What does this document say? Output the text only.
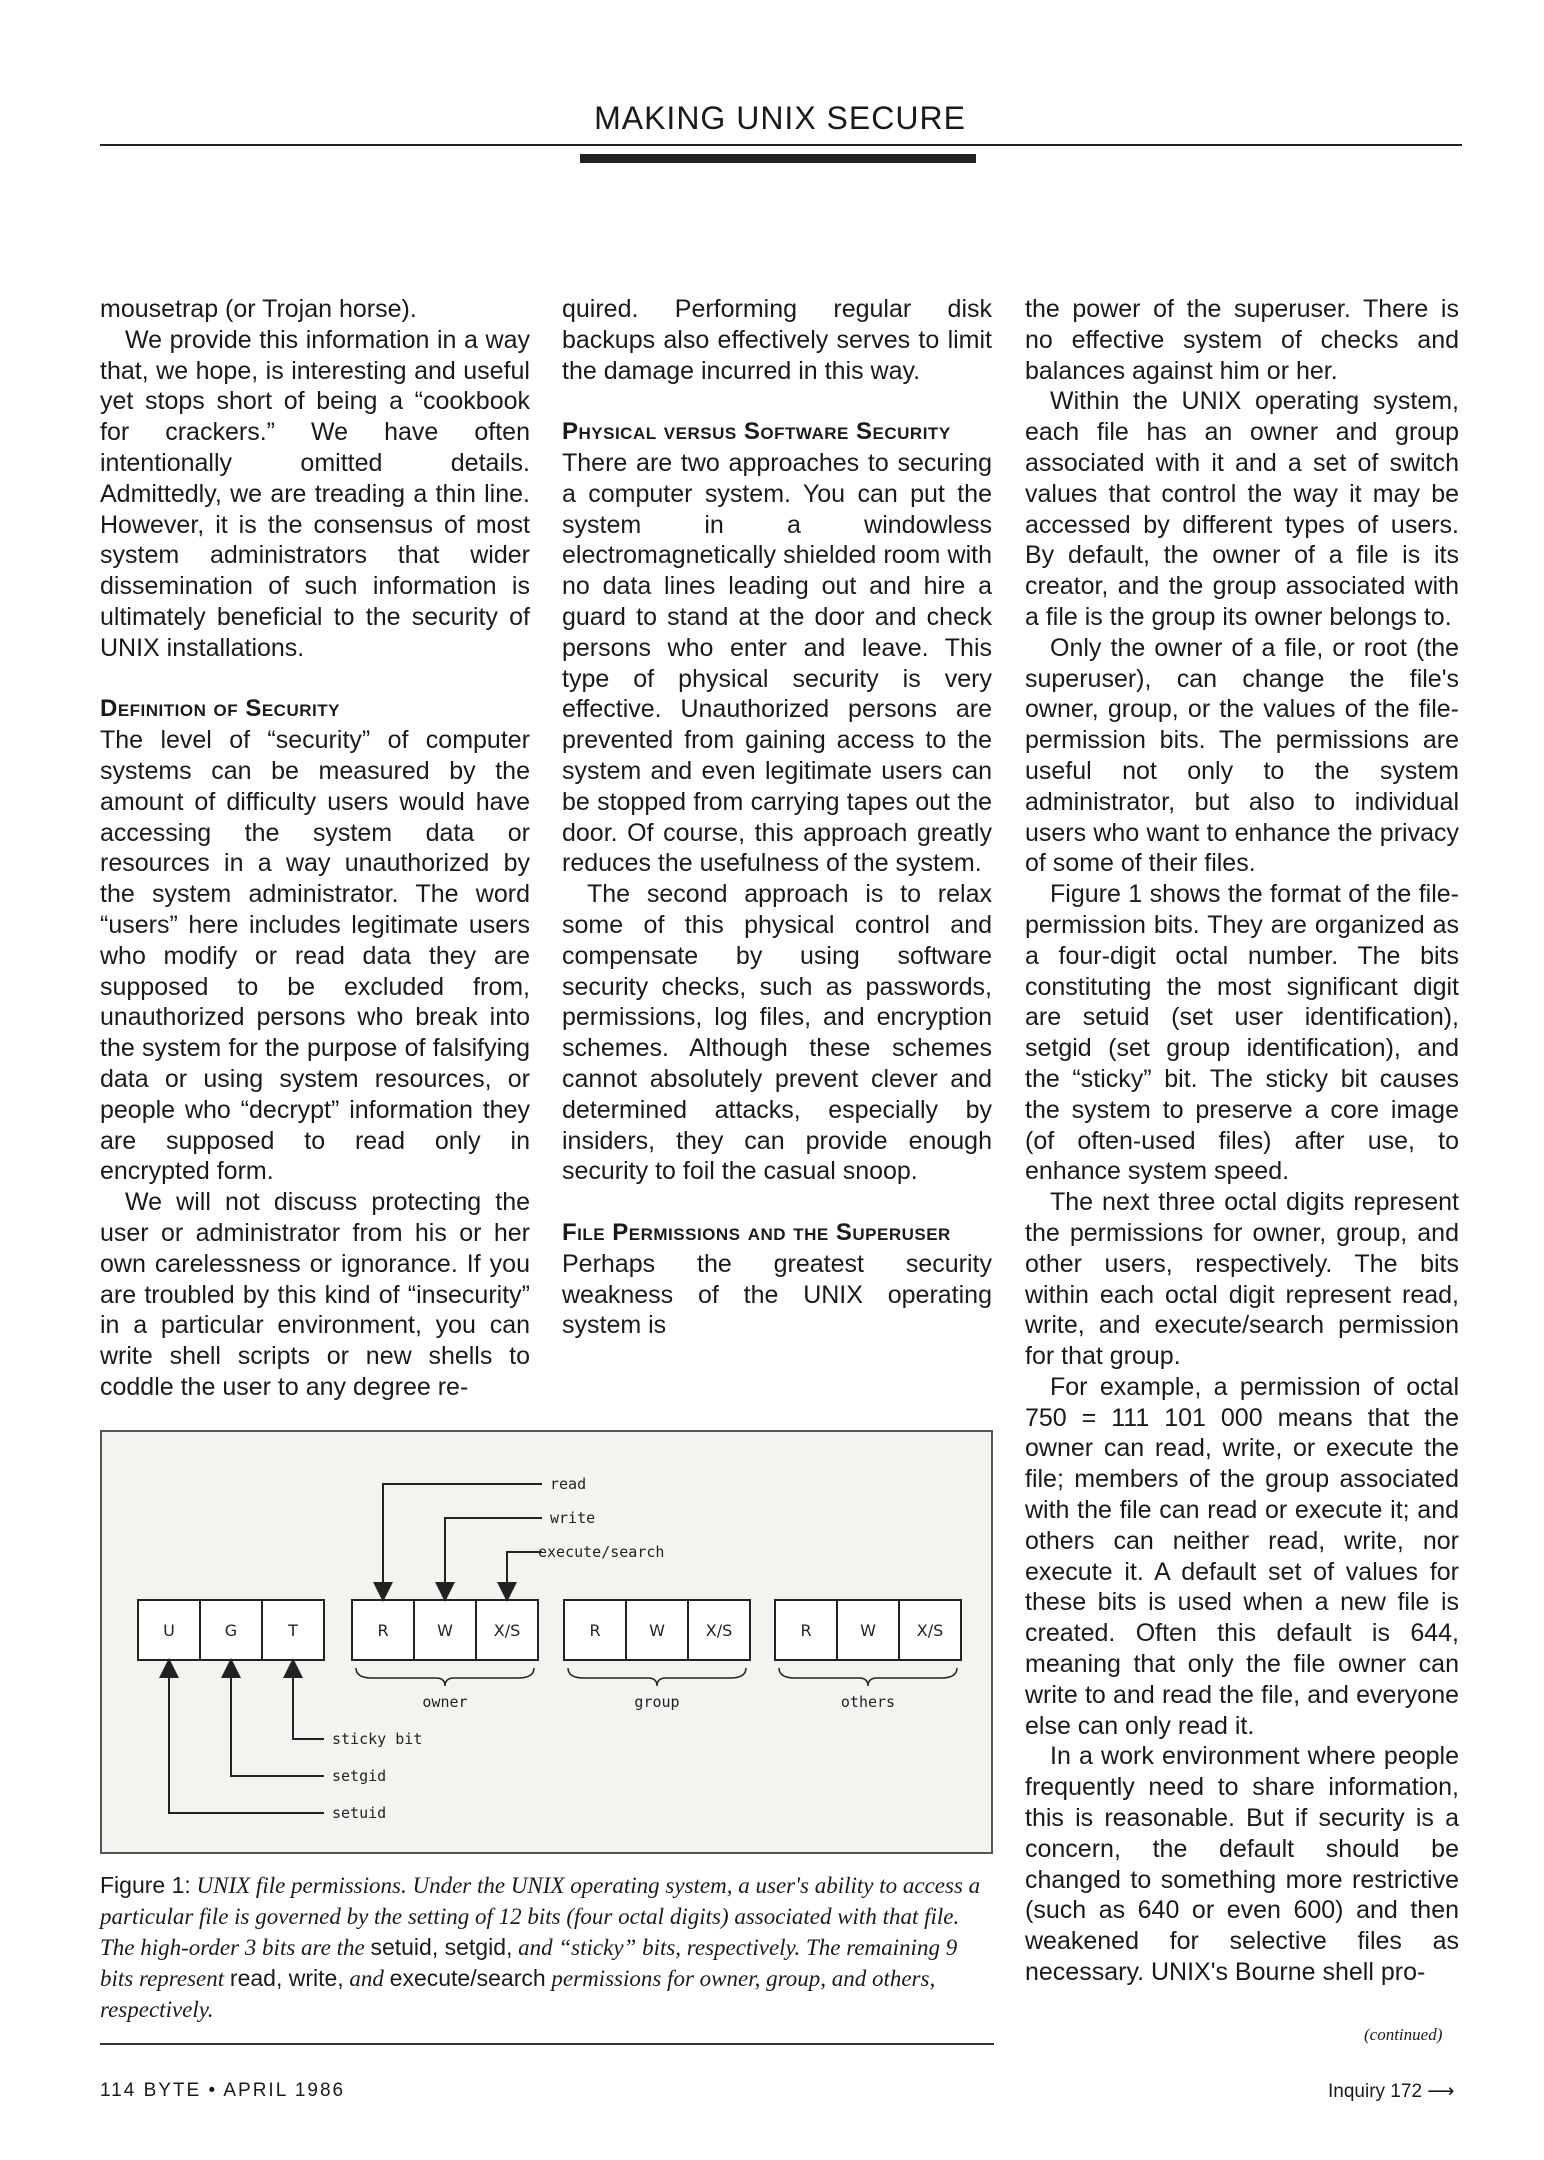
MAKING UNIX SECURE

mousetrap (or Trojan horse).

We provide this information in a way that, we hope, is interesting and useful yet stops short of being a “cookbook for crackers.” We have often intentionally omitted details. Admittedly, we are treading a thin line. However, it is the consensus of most system administrators that wider dissemination of such information is ultimately beneficial to the security of UNIX installations.

Definition of Security

The level of “security” of computer systems can be measured by the amount of difficulty users would have accessing the system data or resources in a way unauthorized by the system administrator. The word “users” here includes legitimate users who modify or read data they are supposed to be excluded from, unauthorized persons who break into the system for the purpose of falsifying data or using system resources, or people who “decrypt” information they are supposed to read only in encrypted form.

We will not discuss protecting the user or administrator from his or her own carelessness or ignorance. If you are troubled by this kind of “insecurity” in a particular environment, you can write shell scripts or new shells to coddle the user to any degree re-

quired. Performing regular disk backups also effectively serves to limit the damage incurred in this way.

Physical versus Software Security

There are two approaches to securing a computer system. You can put the system in a windowless electromagnetically shielded room with no data lines leading out and hire a guard to stand at the door and check persons who enter and leave. This type of physical security is very effective. Unauthorized persons are prevented from gaining access to the system and even legitimate users can be stopped from carrying tapes out the door. Of course, this approach greatly reduces the usefulness of the system.

The second approach is to relax some of this physical control and compensate by using software security checks, such as passwords, permissions, log files, and encryption schemes. Although these schemes cannot absolutely prevent clever and determined attacks, especially by insiders, they can provide enough security to foil the casual snoop.

File Permissions and the Superuser

Perhaps the greatest security weakness of the UNIX operating system is

the power of the superuser. There is no effective system of checks and balances against him or her.

Within the UNIX operating system, each file has an owner and group associated with it and a set of switch values that control the way it may be accessed by different types of users. By default, the owner of a file is its creator, and the group associated with a file is the group its owner belongs to.

Only the owner of a file, or root (the superuser), can change the file's owner, group, or the values of the file-permission bits. The permissions are useful not only to the system administrator, but also to individual users who want to enhance the privacy of some of their files.

Figure 1 shows the format of the file-permission bits. They are organized as a four-digit octal number. The bits constituting the most significant digit are setuid (set user identification), setgid (set group identification), and the “sticky” bit. The sticky bit causes the system to preserve a core image (of often-used files) after use, to enhance system speed.

The next three octal digits represent the permissions for owner, group, and other users, respectively. The bits within each octal digit represent read, write, and execute/search permission for that group.

For example, a permission of octal 750 = 111 101 000 means that the owner can read, write, or execute the file; members of the group associated with the file can read or execute it; and others can neither read, write, nor execute it. A default set of values for these bits is used when a new file is created. Often this default is 644, meaning that only the file owner can write to and read the file, and everyone else can only read it.

In a work environment where people frequently need to share information, this is reasonable. But if security is a concern, the default should be changed to something more restrictive (such as 640 or even 600) and then weakened for selective files as necessary. UNIX's Bourne shell pro-

(continued)
U	G	T	R	W	X/S	R	W	X/S	R	W	X/S
read
write
execute/search
sticky bit
setgid
setuid
owner	group	others
Figure 1: UNIX file permissions. Under the UNIX operating system, a user's ability to access a particular file is governed by the setting of 12 bits (four octal digits) associated with that file. The high-order 3 bits are the setuid, setgid, and “sticky” bits, respectively. The remaining 9 bits represent read, write, and execute/search permissions for owner, group, and others, respectively.
114 BYTE • APRIL 1986	Inquiry 172 ⟶
